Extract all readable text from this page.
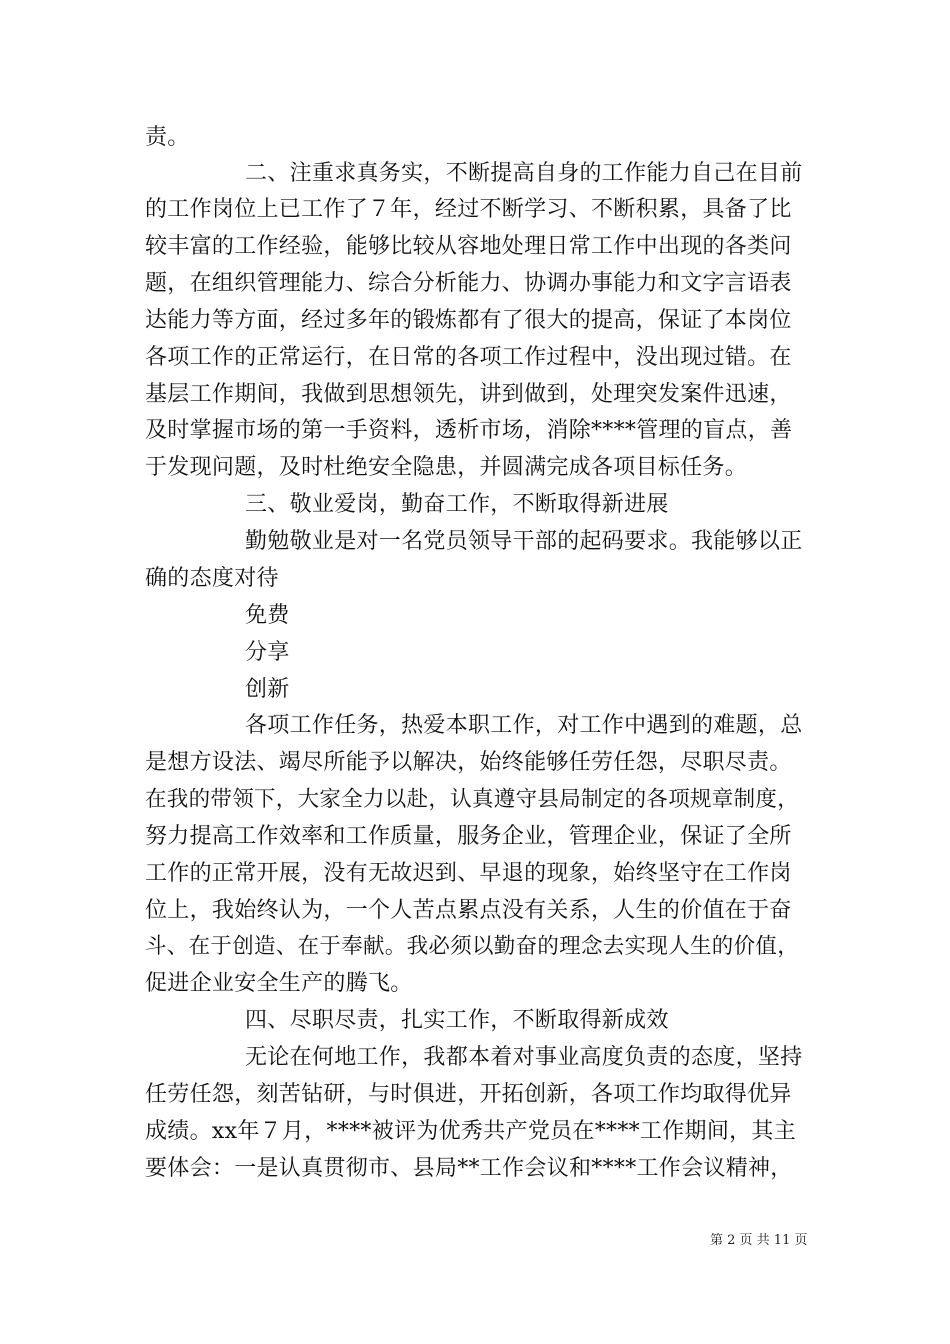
责。
二、注重求真务实，不断提高自身的工作能力自己在目前
的工作岗位上已工作了７年，经过不断学习、不断积累，具备了比
较丰富的工作经验，能够比较从容地处理日常工作中出现的各类问
题，在组织管理能力、综合分析能力、协调办事能力和文字言语表
达能力等方面，经过多年的锻炼都有了很大的提高，保证了本岗位
各项工作的正常运行，在日常的各项工作过程中，没出现过错。在
基层工作期间，我做到思想领先，讲到做到，处理突发案件迅速，
及时掌握市场的第一手资料，透析市场，消除****管理的盲点，善
于发现问题，及时杜绝安全隐患，并圆满完成各项目标任务。
三、敬业爱岗，勤奋工作，不断取得新进展
勤勉敬业是对一名党员领导干部的起码要求。我能够以正
确的态度对待
免费
分享
创新
各项工作任务，热爱本职工作，对工作中遇到的难题，总
是想方设法、竭尽所能予以解决，始终能够任劳任怨，尽职尽责。
在我的带领下，大家全力以赴，认真遵守县局制定的各项规章制度，
努力提高工作效率和工作质量，服务企业，管理企业，保证了全所
工作的正常开展，没有无故迟到、早退的现象，始终坚守在工作岗
位上，我始终认为，一个人苦点累点没有关系，人生的价值在于奋
斗、在于创造、在于奉献。我必须以勤奋的理念去实现人生的价值，
促进企业安全生产的腾飞。
四、尽职尽责，扎实工作，不断取得新成效
无论在何地工作，我都本着对事业高度负责的态度，坚持
任劳任怨，刻苦钻研，与时俱进，开拓创新，各项工作均取得优异
成绩。xx年７月，****被评为优秀共产党员在****工作期间，其主
要体会：一是认真贯彻市、县局**工作会议和****工作会议精神，
第 2 页 共 11 页
